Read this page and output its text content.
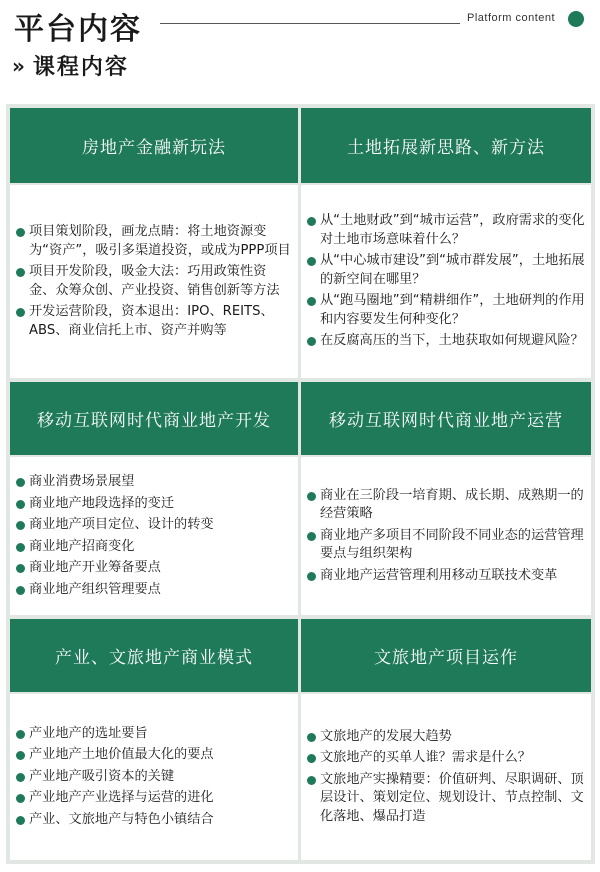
平台内容	Platform content
» 课程内容
房地产金融新玩法
项目策划阶段，画龙点睛：将土地资源变为“资产”，吸引多渠道投资，或成为PPP项目
项目开发阶段，吸金大法：巧用政策性资金、众筹众创、产业投资、销售创新等方法
开发运营阶段，资本退出：IPO、REITS、ABS、商业信托上市、资产并购等
土地拓展新思路、新方法
从“土地财政”到“城市运营”，政府需求的变化对土地市场意味着什么？
从“中心城市建设”到“城市群发展”，土地拓展的新空间在哪里？
从“跑马圈地”到“精耕细作”，土地研判的作用和内容要发生何种变化？
在反腐高压的当下，土地获取如何规避风险？
移动互联网时代商业地产开发
商业消费场景展望
商业地产地段选择的变迁
商业地产项目定位、设计的转变
商业地产招商变化
商业地产开业筹备要点
商业地产组织管理要点
移动互联网时代商业地产运营
商业在三阶段一培育期、成长期、成熟期一的经营策略
商业地产多项目不同阶段不同业态的运营管理要点与组织架构
商业地产运营管理利用移动互联技术变革
产业、文旅地产商业模式
产业地产的选址要旨
产业地产土地价值最大化的要点
产业地产吸引资本的关键
产业地产产业选择与运营的进化
产业、文旅地产与特色小镇结合
文旅地产项目运作
文旅地产的发展大趋势
文旅地产的买单人谁？需求是什么？
文旅地产实操精要：价值研判、尽职调研、顶层设计、策划定位、规划设计、节点控制、文化落地、爆品打造
